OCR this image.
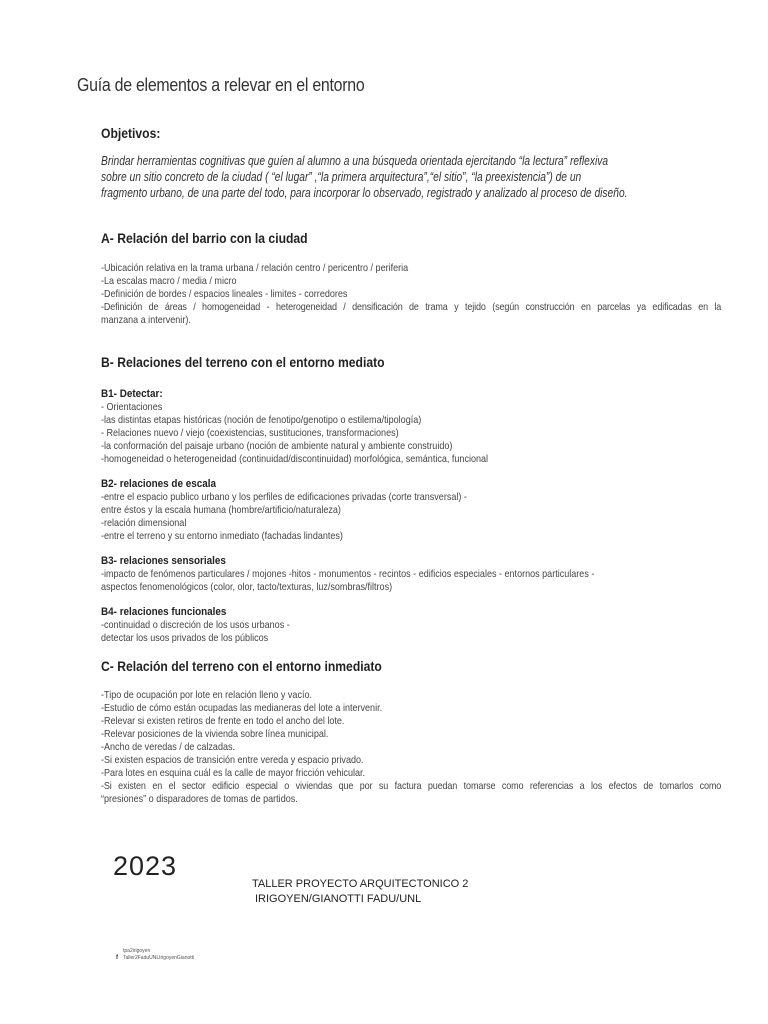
Guía de elementos a relevar en el entorno
Objetivos:

Brindar herramientas cognitivas que guíen al alumno a una búsqueda orientada ejercitando “la lectura” reflexiva
sobre un sitio concreto de la ciudad ( “el lugar” ,“la primera arquitectura”,“el sitio”, “la preexistencia”) de un
fragmento urbano, de una parte del todo, para incorporar lo observado, registrado y analizado al proceso de diseño.

A- Relación del barrio con la ciudad
-Ubicación relativa en la trama urbana / relación centro / pericentro / periferia
-La escalas macro / media / micro
-Definición de bordes / espacios lineales - limites - corredores
-Definición de áreas / homogeneidad - heterogeneidad / densificación de trama y tejido (según construcción en parcelas ya edificadas en la
manzana a intervenir).
B- Relaciones del terreno con el entorno mediato
B1- Detectar:
- Orientaciones
-las distintas etapas históricas (noción de fenotipo/genotipo o estilema/tipología)
- Relaciones nuevo / viejo (coexistencias, sustituciones, transformaciones)
-la conformación del paisaje urbano (noción de ambiente natural y ambiente construido)
-homogeneidad o heterogeneidad (continuidad/discontinuidad) morfológica, semántica, funcional
B2- relaciones de escala
-entre el espacio publico urbano y los perfiles de edificaciones privadas (corte transversal) -
entre éstos y la escala humana (hombre/artificio/naturaleza)
-relación dimensional
-entre el terreno y su entorno inmediato (fachadas lindantes)
B3- relaciones sensoriales
-impacto de fenómenos particulares / mojones -hitos - monumentos - recintos - edificios especiales - entornos particulares -
aspectos fenomenológicos (color, olor, tacto/texturas, luz/sombras/filtros)
B4- relaciones funcionales
-continuidad o discreción de los usos urbanos -
detectar los usos privados de los públicos
C- Relación del terreno con el entorno inmediato
-Tipo de ocupación por lote en relación lleno y vacío.
-Estudio de cómo están ocupadas las medianeras del lote a intervenir.
-Relevar si existen retiros de frente en todo el ancho del lote.
-Relevar posiciones de la vivienda sobre línea municipal.
-Ancho de veredas / de calzadas.
-Si existen espacios de transición entre vereda y espacio privado.
-Para lotes en esquina cuál es la calle de mayor fricción vehicular.
-Si existen en el sector edificio especial o viviendas que por su factura puedan tomarse como referencias a los efectos de tomarlos como
“presiones” o disparadores de tomas de partidos.
2023
TALLER PROYECTO ARQUITECTONICO 2
IRIGOYEN/GIANOTTI FADU/UNL
tpa2irigoyen
f	Taller2FaduUNLIrigoyenGianotti
